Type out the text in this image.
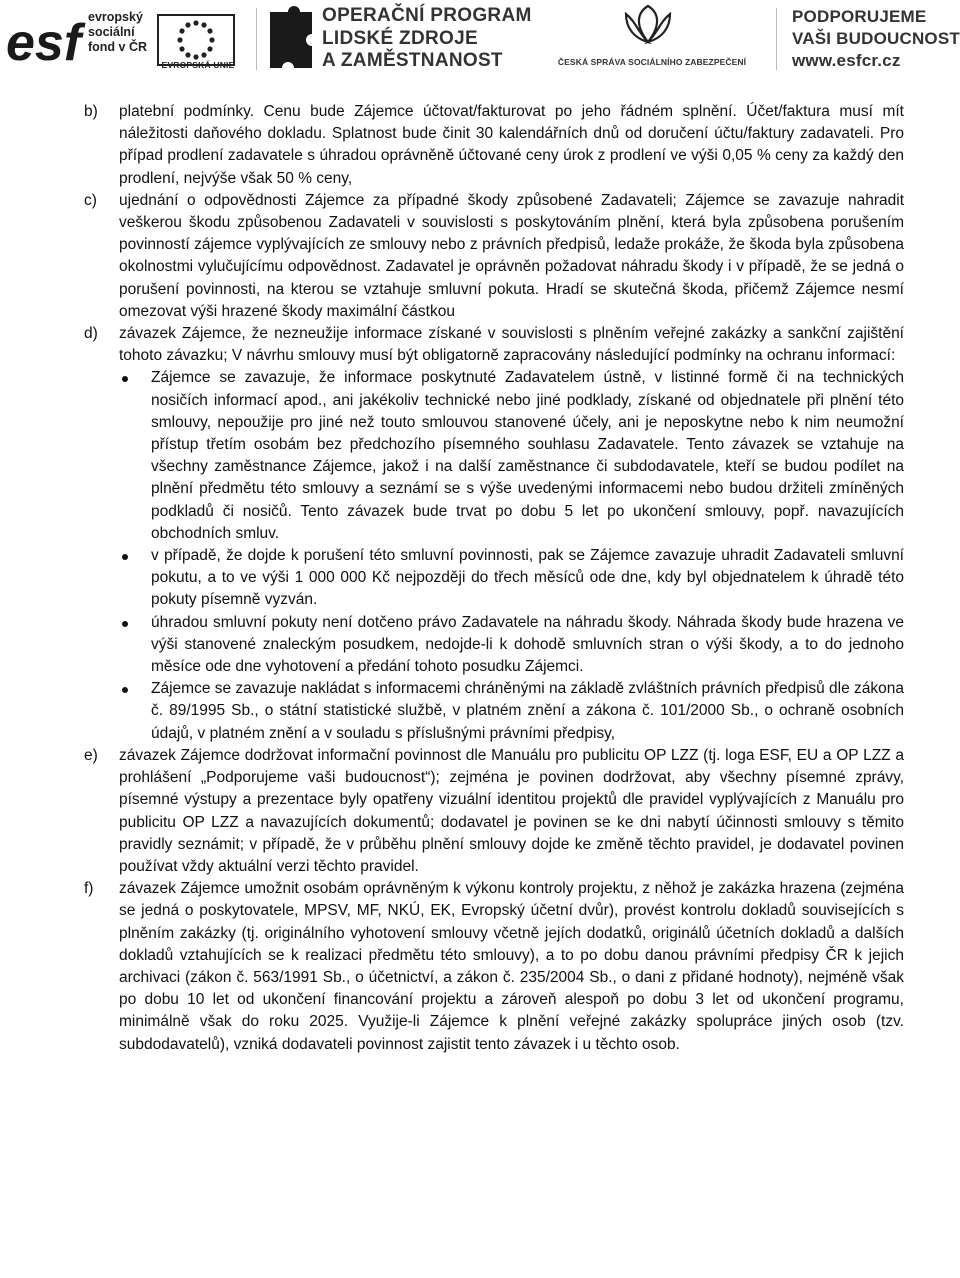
esf evropský
sociální
fond v ČR
EVROPSKÁ UNIE
OPERAČNÍ PROGRAM
LIDSKÉ ZDROJE
A ZAMĚSTNANOST	ČESKÁ SPRÁVA SOCIÁLNÍHO ZABEZPEČENÍ
PODPORUJEME
VAŠI BUDOUCNOST
www.esfcr.cz
b) platební podmínky. Cenu bude Zájemce účtovat/fakturovat po jeho řádném splnění. Účet/faktura musí mít náležitosti daňového dokladu. Splatnost bude činit 30 kalendářních dnů od doručení účtu/faktury zadavateli. Pro případ prodlení zadavatele s úhradou oprávněně účtované ceny úrok z prodlení ve výši 0,05 % ceny za každý den prodlení, nejvýše však 50 % ceny,
c) ujednání o odpovědnosti Zájemce za případné škody způsobené Zadavateli; Zájemce se zavazuje nahradit veškerou škodu způsobenou Zadavateli v souvislosti s poskytováním plnění, která byla způsobena porušením povinností zájemce vyplývajících ze smlouvy nebo z právních předpisů, ledaže prokáže, že škoda byla způsobena okolnostmi vylučujícímu odpovědnost. Zadavatel je oprávněn požadovat náhradu škody i v případě, že se jedná o porušení povinnosti, na kterou se vztahuje smluvní pokuta. Hradí se skutečná škoda, přičemž Zájemce nesmí omezovat výši hrazené škody maximální částkou
d) závazek Zájemce, že nezneužije informace získané v souvislosti s plněním veřejné zakázky a sankční zajištění tohoto závazku; V návrhu smlouvy musí být obligatorně zapracovány následující podmínky na ochranu informací:
Zájemce se zavazuje, že informace poskytnuté Zadavatelem ústně, v listinné formě či na technických nosičích informací apod., ani jakékoliv technické nebo jiné podklady, získané od objednatele při plnění této smlouvy, nepoužije pro jiné než touto smlouvou stanovené účely, ani je neposkytne nebo k nim neumožní přístup třetím osobám bez předchozího písemného souhlasu Zadavatele. Tento závazek se vztahuje na všechny zaměstnance Zájemce, jakož i na další zaměstnance či subdodavatele, kteří se budou podílet na plnění předmětu této smlouvy a seznámí se s výše uvedenými informacemi nebo budou držiteli zmíněných podkladů či nosičů. Tento závazek bude trvat po dobu 5 let po ukončení smlouvy, popř. navazujících obchodních smluv.
v případě, že dojde k porušení této smluvní povinnosti, pak se Zájemce zavazuje uhradit Zadavateli smluvní pokutu, a to ve výši 1 000 000 Kč nejpozději do třech měsíců ode dne, kdy byl objednatelem k úhradě této pokuty písemně vyzván.
úhradou smluvní pokuty není dotčeno právo Zadavatele na náhradu škody. Náhrada škody bude hrazena ve výši stanovené znaleckým posudkem, nedojde-li k dohodě smluvních stran o výši škody, a to do jednoho měsíce ode dne vyhotovení a předání tohoto posudku Zájemci.
Zájemce se zavazuje nakládat s informacemi chráněnými na základě zvláštních právních předpisů dle zákona č. 89/1995 Sb., o státní statistické službě, v platném znění a zákona č. 101/2000 Sb., o ochraně osobních údajů, v platném znění a v souladu s příslušnými právními předpisy,
e) závazek Zájemce dodržovat informační povinnost dle Manuálu pro publicitu OP LZZ (tj. loga ESF, EU a OP LZZ a prohlášení „Podporujeme vaši budoucnost“); zejména je povinen dodržovat, aby všechny písemné zprávy, písemné výstupy a prezentace byly opatřeny vizuální identitou projektů dle pravidel vyplývajících z Manuálu pro publicitu OP LZZ a navazujících dokumentů; dodavatel je povinen se ke dni nabytí účinnosti smlouvy s těmito pravidly seznámit; v případě, že v průběhu plnění smlouvy dojde ke změně těchto pravidel, je dodavatel povinen používat vždy aktuální verzi těchto pravidel.
f) závazek Zájemce umožnit osobám oprávněným k výkonu kontroly projektu, z něhož je zakázka hrazena (zejména se jedná o poskytovatele, MPSV, MF, NKÚ, EK, Evropský účetní dvůr), provést kontrolu dokladů souvisejících s plněním zakázky (tj. originálního vyhotovení smlouvy včetně jejích dodatků, originálů účetních dokladů a dalších dokladů vztahujících se k realizaci předmětu této smlouvy), a to po dobu danou právními předpisy ČR k jejich archivaci (zákon č. 563/1991 Sb., o účetnictví, a zákon č. 235/2004 Sb., o dani z přidané hodnoty), nejméně však po dobu 10 let od ukončení financování projektu a zároveň alespoň po dobu 3 let od ukončení programu, minimálně však do roku 2025. Využije-li Zájemce k plnění veřejné zakázky spolupráce jiných osob (tzv. subdodavatelů), vzniká dodavateli povinnost zajistit tento závazek i u těchto osob.
